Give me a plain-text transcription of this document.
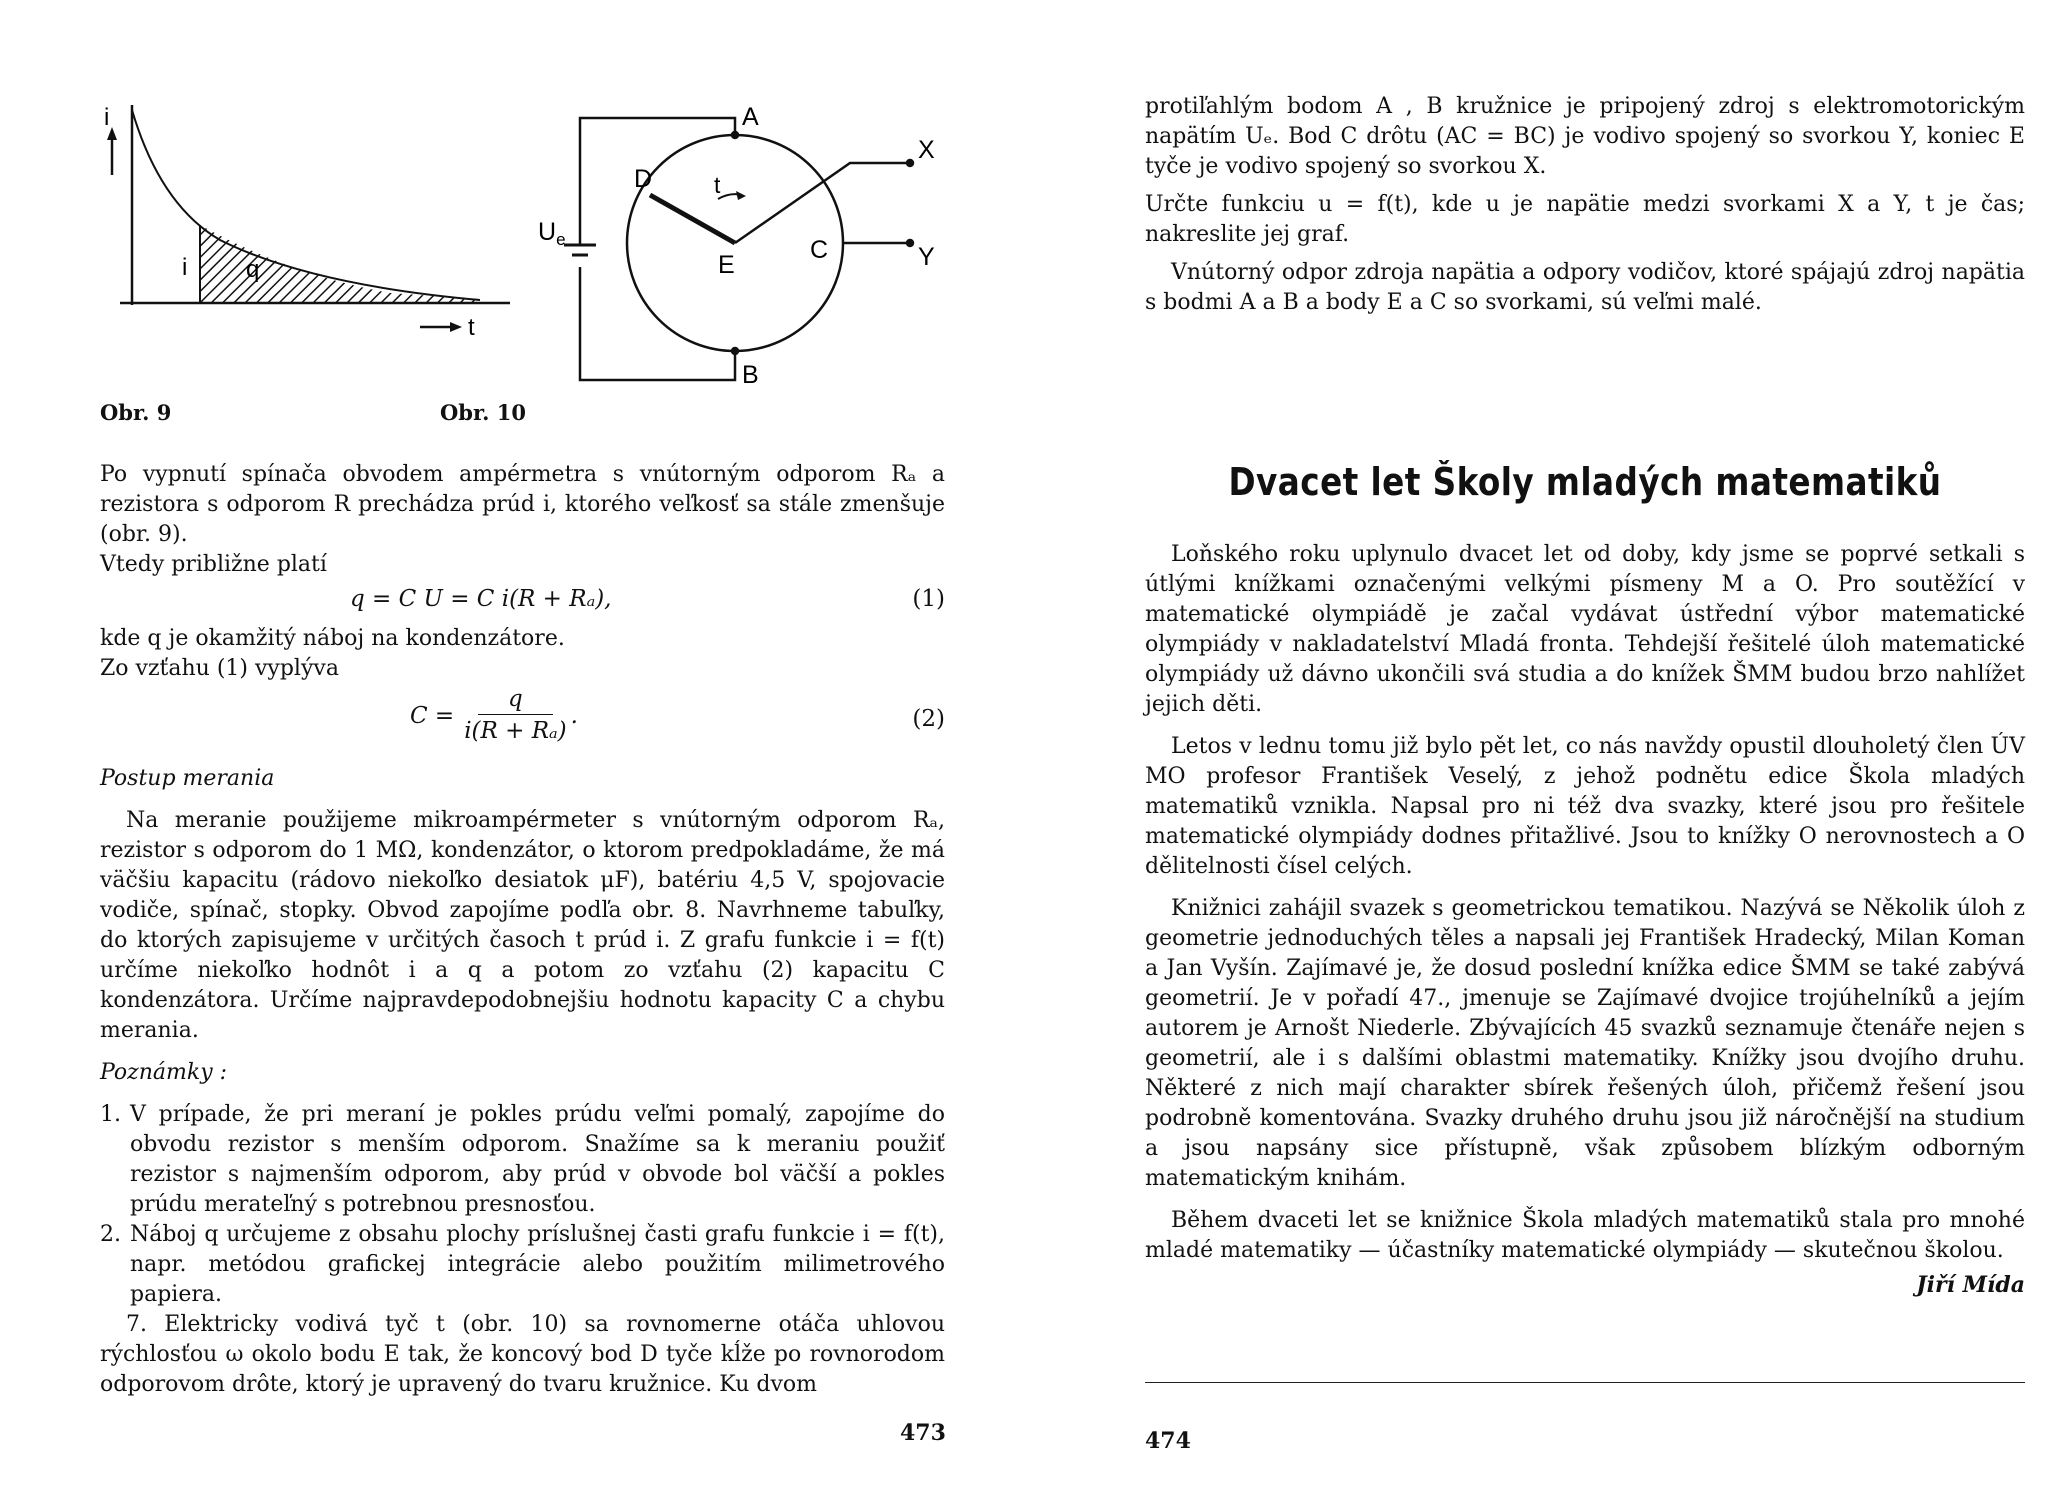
i
t
i q
A
B
C
D
E
X
Y
t
$U_e$
Obr. 9	Obr. 10

Po vypnutí spínača obvodem ampérmetra s vnútorným odporom Rₐ a rezistora s odporom R prechádza prúd i, ktorého veľkosť sa stále zmenšuje (obr. 9).

Vtedy približne platí

q = C U = C i(R + Rₐ),	(1)

kde q je okamžitý náboj na kondenzátore.

Zo vzťahu (1) vyplýva

$C = \frac{q}{\text{i(R + Rₐ)}}$ .	(2)

Postup merania

Na meranie použijeme mikroampérmeter s vnútorným odporom Rₐ, rezistor s odporom do 1 MΩ, kondenzátor, o ktorom predpokladáme, že má väčšiu kapacitu (rádovo niekoľko desiatok μF), batériu 4,5 V, spojovacie vodiče, spínač, stopky. Obvod zapojíme podľa obr. 8. Navrhneme tabuľky, do ktorých zapisujeme v určitých časoch t prúd i. Z grafu funkcie i = f(t) určíme niekoľko hodnôt i a q a potom zo vzťahu (2) kapacitu C kondenzátora. Určíme najpravdepodobnejšiu hodnotu kapacity C a chybu merania.

Poznámky :

1. V prípade, že pri meraní je pokles prúdu veľmi pomalý, zapojíme do obvodu rezistor s menším odporom. Snažíme sa k meraniu použiť rezistor s najmenším odporom, aby prúd v obvode bol väčší a pokles prúdu merateľný s potrebnou presnosťou.
2. Náboj q určujeme z obsahu plochy príslušnej časti grafu funkcie i = f(t), napr. metódou grafickej integrácie alebo použitím milimetrového papiera.

7. Elektricky vodivá tyč t (obr. 10) sa rovnomerne otáča uhlovou rýchlosťou ω okolo bodu E tak, že koncový bod D tyče kĺže po rovnorodom odporovom drôte, ktorý je upravený do tvaru kružnice. Ku dvom

473

protiľahlým bodom A , B kružnice je pripojený zdroj s elektromotorickým napätím Uₑ. Bod C drôtu (AC = BC) je vodivo spojený so svorkou Y, koniec E tyče je vodivo spojený so svorkou X.

Určte funkciu u = f(t), kde u je napätie medzi svorkami X a Y, t je čas; nakreslite jej graf.

Vnútorný odpor zdroja napätia a odpory vodičov, ktoré spájajú zdroj napätia s bodmi A a B a body E a C so svorkami, sú veľmi malé.

Dvacet let Školy mladých matematiků

Loňského roku uplynulo dvacet let od doby, kdy jsme se poprvé setkali s útlými knížkami označenými velkými písmeny M a O. Pro soutěžící v matematické olympiádě je začal vydávat ústřední výbor matematické olympiády v nakladatelství Mladá fronta. Tehdejší řešitelé úloh matematické olympiády už dávno ukončili svá studia a do knížek ŠMM budou brzo nahlížet jejich děti.

Letos v lednu tomu již bylo pět let, co nás navždy opustil dlouholetý člen ÚV MO profesor František Veselý, z jehož podnětu edice Škola mladých matematiků vznikla. Napsal pro ni též dva svazky, které jsou pro řešitele matematické olympiády dodnes přitažlivé. Jsou to knížky O nerovnostech a O dělitelnosti čísel celých.

Knižnici zahájil svazek s geometrickou tematikou. Nazývá se Několik úloh z geometrie jednoduchých těles a napsali jej František Hradecký, Milan Koman a Jan Vyšín. Zajímavé je, že dosud poslední knížka edice ŠMM se také zabývá geometrií. Je v pořadí 47., jmenuje se Zajímavé dvojice trojúhelníků a jejím autorem je Arnošt Niederle. Zbývajících 45 svazků seznamuje čtenáře nejen s geometrií, ale i s dalšími oblastmi matematiky. Knížky jsou dvojího druhu. Některé z nich mají charakter sbírek řešených úloh, přičemž řešení jsou podrobně komentována. Svazky druhého druhu jsou již náročnější na studium a jsou napsány sice přístupně, však způsobem blízkým odborným matematickým knihám.

Během dvaceti let se knižnice Škola mladých matematiků stala pro mnohé mladé matematiky — účastníky matematické olympiády — skutečnou školou.

Jiří Mída

474
